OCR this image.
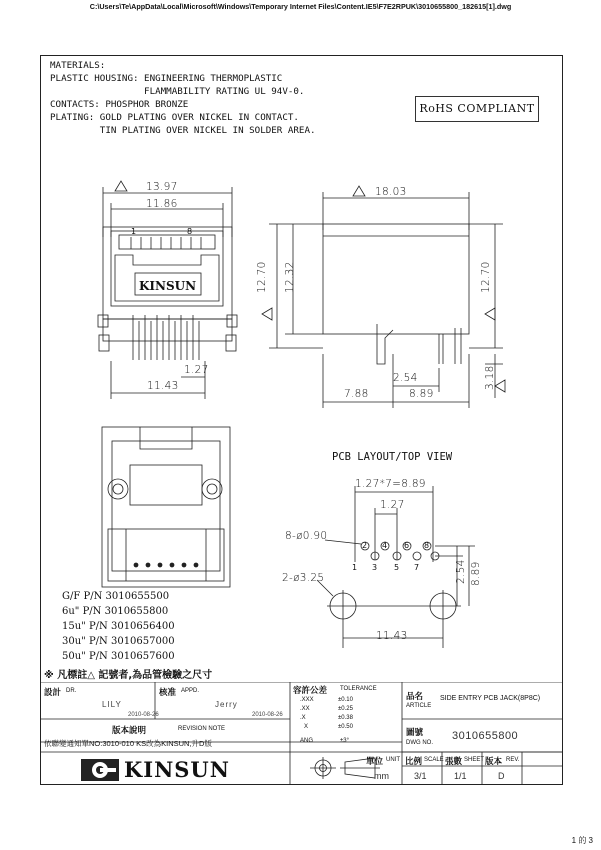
C:\Users\Te\AppData\Local\Microsoft\Windows\Temporary Internet Files\Content.IE5\F7E2RPUK\3010655800_182615[1].dwg
MATERIALS:
PLASTIC HOUSING: ENGINEERING THERMOPLASTIC
FLAMMABILITY RATING UL 94V-0.
CONTACTS: PHOSPHOR BRONZE
PLATING: GOLD PLATING OVER NICKEL IN CONTACT.
TIN PLATING OVER NICKEL IN SOLDER AREA.
RoHS COMPLIANT
13.97
11.86
1	8
KINSUN
1.27
11.43
18.03
12.70 12.32	12.70
2.54	3.18
7.88	8.89
PCB LAYOUT/TOP VIEW
1.27*7=8.89
1.27
8-ø0.90
2-ø3.25
2 4 6 8
1 3 5 7	2.54 8.89
11.43
G/F P/N 3010655500
6u" P/N 3010655800
15u" P/N 3010656400
30u" P/N 3010657000
50u" P/N 3010657600
※ 凡標註△ 記號者,為品管檢驗之尺寸
設計 DR.
LILY
2010-08-26
核准 APPD.
Jerry
2010-08-26
容許公差 TOLERANCE
.XXX	±0.10
.XX	±0.25
.X	±0.38
X	±0.50
ANG	±3°
品名
ARTICLE
SIDE ENTRY PCB JACK(8P8C)
版本說明	REVISION NOTE
依聯變通知單NO:3010-010 KS改為KINSUN,升D版
圖號
DWG NO.
3010655800
KINSUN	單位 UNIT 比例 SCALE 張數 SHEET 版本 REV.
mm	3/1	1/1	D
1 的 3
